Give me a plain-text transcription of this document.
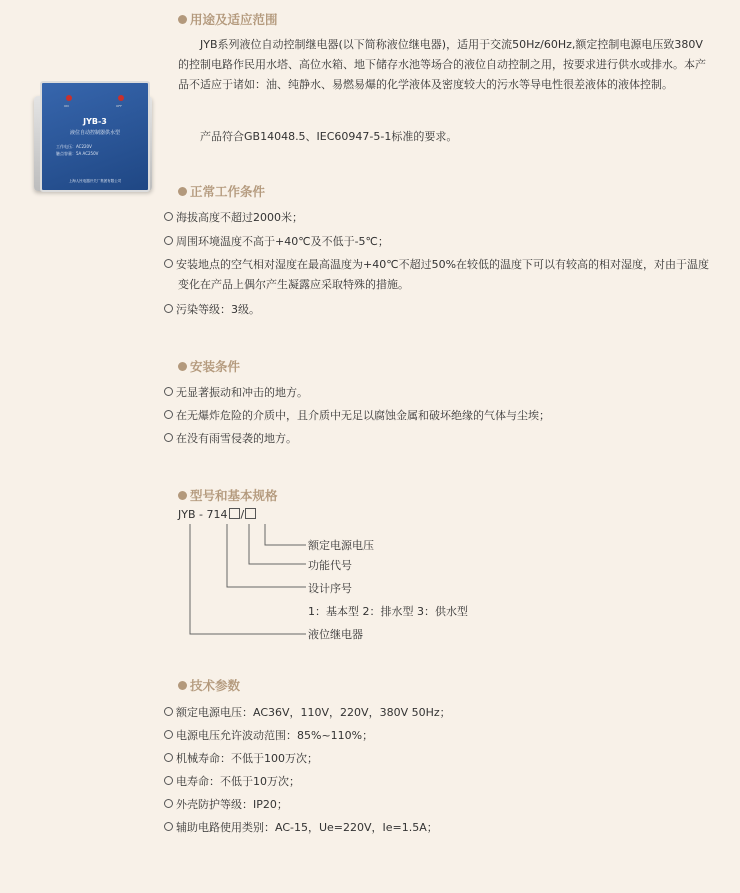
ON	OFF
JYB-3
液位自动控制器供水型
工作电压：AC220V
触点容量：5A AC250V
上海人民电器开关厂集团有限公司
用途及适应范围
JYB系列液位自动控制继电器(以下简称液位继电器)，适用于交流50Hz/60Hz,额定控制电源电压致380V的控制电路作民用水塔、高位水箱、地下储存水池等场合的液位自动控制之用，按要求进行供水或排水。本产品不适应于诸如：油、纯静水、易燃易爆的化学液体及密度较大的污水等导电性很差液体的液体控制。
产品符合GB14048.5、IEC60947-5-1标准的要求。
正常工作条件
海拔高度不超过2000米；
周围环境温度不高于+40℃及不低于-5℃；
安装地点的空气相对湿度在最高温度为+40℃不超过50%在较低的温度下可以有较高的相对湿度，对由于温度变化在产品上偶尔产生凝露应采取特殊的措施。
污染等级：3级。
安装条件
无显著振动和冲击的地方。
在无爆炸危险的介质中，且介质中无足以腐蚀金属和破坏绝缘的气体与尘埃；
在没有雨雪侵袭的地方。
型号和基本规格
技术参数
额定电源电压：AC36V，110V，220V，380V 50Hz；
电源电压允许波动范围：85%~110%；
机械寿命：不低于100万次；
电寿命：不低于10万次；
外壳防护等级：IP20；
辅助电路使用类别：AC-15，Ue=220V，Ie=1.5A；
JYB - 714 /
额定电源电压
功能代号
设计序号
1：基本型 2：排水型 3：供水型
液位继电器
